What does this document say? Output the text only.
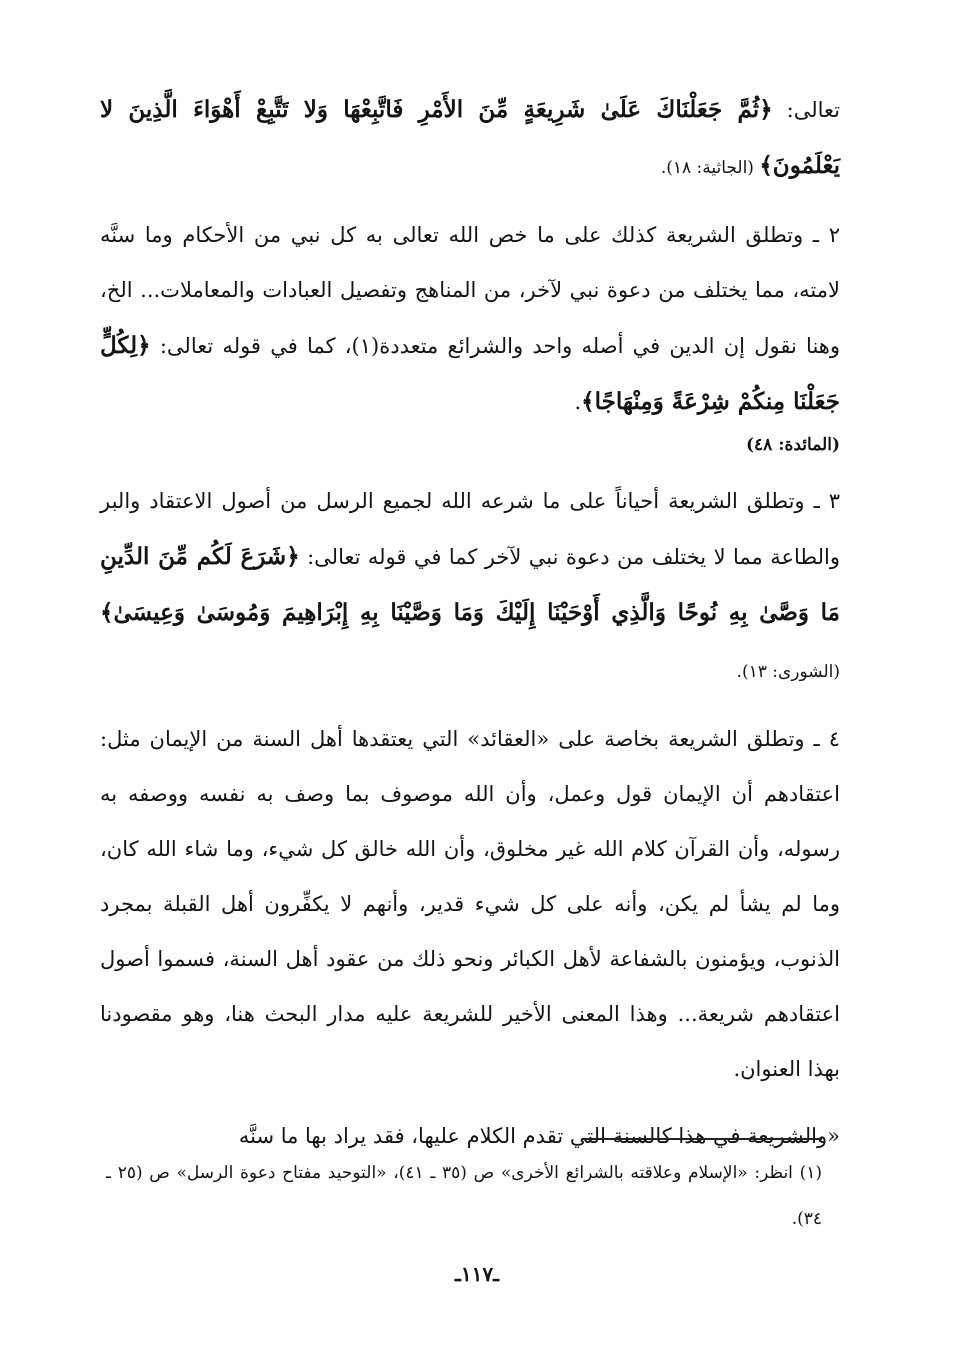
تعالى: ﴿ثُمَّ جَعَلْنَاكَ عَلَىٰ شَرِيعَةٍ مِّنَ الأَمْرِ فَاتَّبِعْهَا وَلا تَتَّبِعْ أَهْوَاءَ الَّذِينَ لا يَعْلَمُونَ﴾ (الجاثية: ١٨).

٢ ـ وتطلق الشريعة كذلك على ما خص الله تعالى به كل نبي من الأحكام وما سنَّه لامته، مما يختلف من دعوة نبي لآخر، من المناهج وتفصيل العبادات والمعاملات... الخ، وهنا نقول إن الدين في أصله واحد والشرائع متعددة(١)، كما في قوله تعالى: ﴿لِكُلٍّ جَعَلْنَا مِنكُمْ شِرْعَةً وَمِنْهَاجًا﴾.

(المائدة: ٤٨)

٣ ـ وتطلق الشريعة أحياناً على ما شرعه الله لجميع الرسل من أصول الاعتقاد والبر والطاعة مما لا يختلف من دعوة نبي لآخر كما في قوله تعالى: ﴿شَرَعَ لَكُم مِّنَ الدِّينِ مَا وَصَّىٰ بِهِ نُوحًا وَالَّذِي أَوْحَيْنَا إِلَيْكَ وَمَا وَصَّيْنَا بِهِ إِبْرَاهِيمَ وَمُوسَىٰ وَعِيسَىٰ﴾ (الشورى: ١٣).

٤ ـ وتطلق الشريعة بخاصة على «العقائد» التي يعتقدها أهل السنة من الإيمان مثل: اعتقادهم أن الإيمان قول وعمل، وأن الله موصوف بما وصف به نفسه ووصفه به رسوله، وأن القرآن كلام الله غير مخلوق، وأن الله خالق كل شيء، وما شاء الله كان، وما لم يشأ لم يكن، وأنه على كل شيء قدير، وأنهم لا يكفِّرون أهل القبلة بمجرد الذنوب، ويؤمنون بالشفاعة لأهل الكبائر ونحو ذلك من عقود أهل السنة، فسموا أصول اعتقادهم شريعة... وهذا المعنى الأخير للشريعة عليه مدار البحث هنا، وهو مقصودنا بهذا العنوان.

«والشريعة في هذا كالسنة التي تقدم الكلام عليها، فقد يراد بها ما سنَّه

(١) انظر: «الإسلام وعلاقته بالشرائع الأخرى» ص (٣٥ ـ ٤١)، «التوحيد مفتاح دعوة الرسل» ص (٢٥ ـ ٣٤).

ـ١١٧ـ
